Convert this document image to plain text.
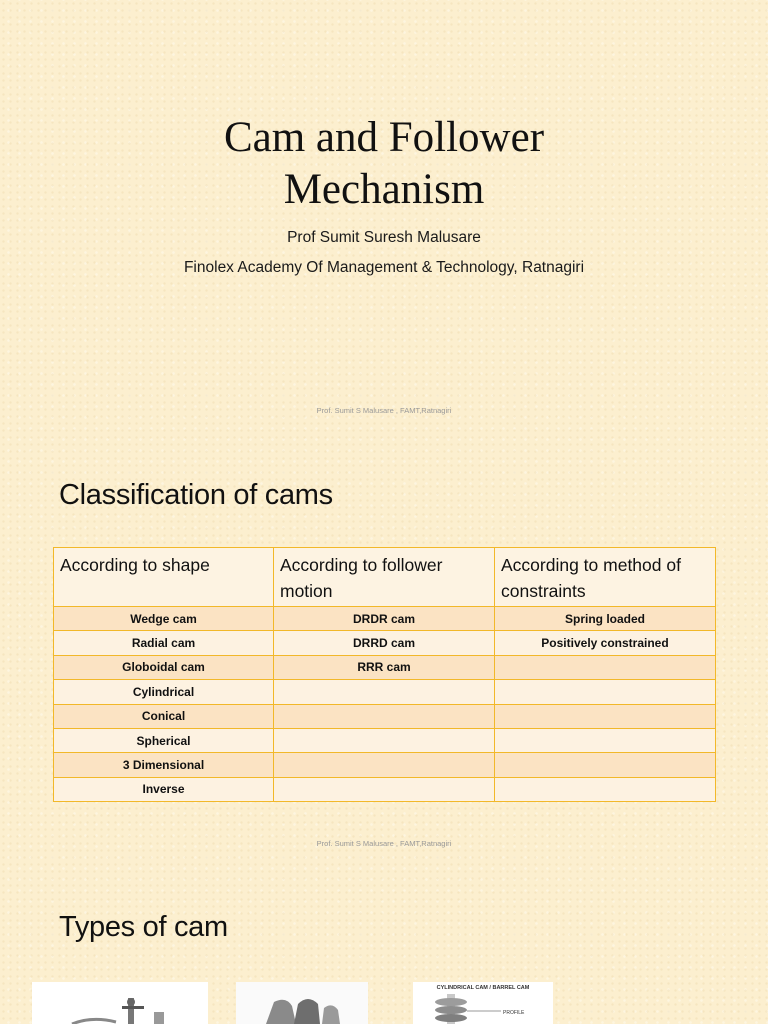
Cam and Follower
Mechanism
Prof Sumit Suresh Malusare
Finolex Academy Of Management & Technology, Ratnagiri
Prof. Sumit S Malusare , FAMT,Ratnagiri
Classification of cams
According to shape	According to follower motion	According to method of constraints
Wedge cam	DRDR cam	Spring loaded
Radial cam	DRRD cam	Positively constrained
Globoidal cam	RRR cam	
Cylindrical		
Conical		
Spherical		
3 Dimensional		
Inverse		
Prof. Sumit S Malusare , FAMT,Ratnagiri
Types of cam
CYLINDRICAL CAM / BARREL CAM
PROFILE
